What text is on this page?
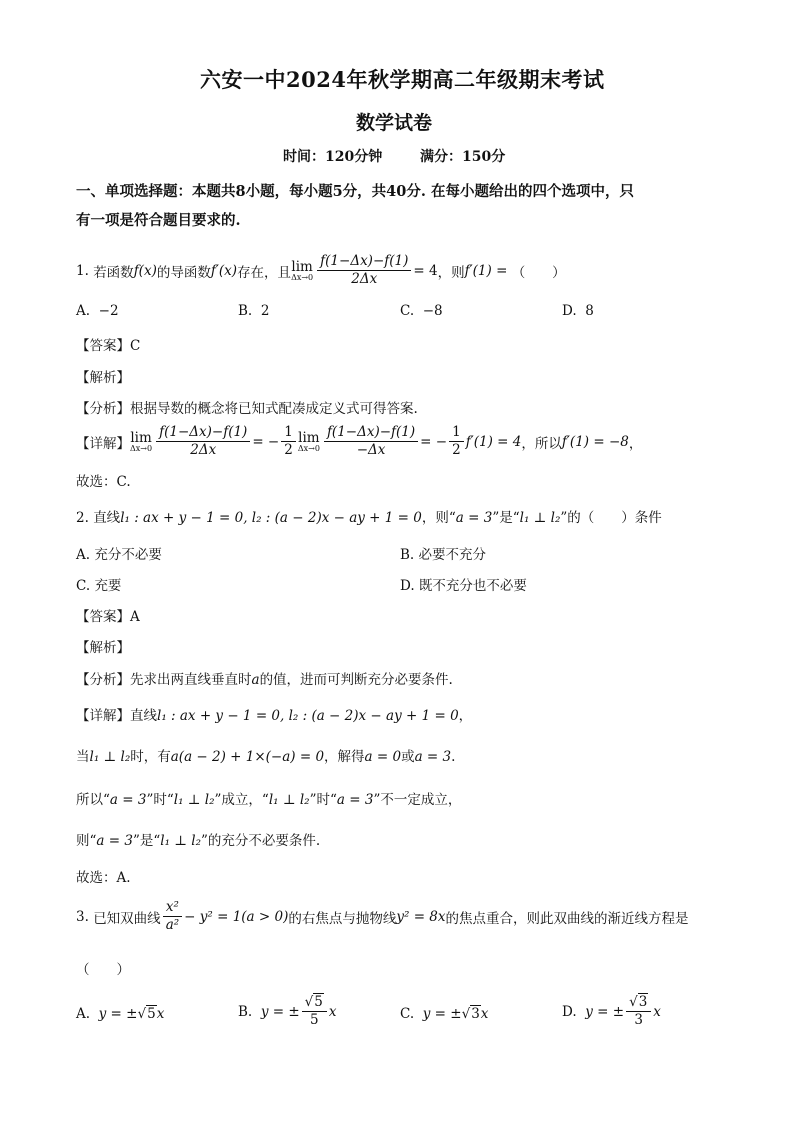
六安一中2024年秋学期高二年级期末考试
数学试卷
时间：120分钟	满分：150分
一、单项选择题：本题共8小题，每小题5分，共40分. 在每小题给出的四个选项中，只
有一项是符合题目要求的.
1.
若函数 f(x) 的导函数 f′(x) 存在，且 lim
$\Delta x\to 0 \frac{f(1-\Delta x)-f(1)}{2\Delta x} = 4$ ，则 f′(1) =
（　　）
A. −2	B. 2	C. −8	D. 8
【答案】C
【解析】
【分析】根据导数的概念将已知式配凑成定义式可得答案.
【详解】 lim
$\Delta x\to 0 \frac{f(1-\Delta x)-f(1)}{2\Delta x}$ = − $\frac{1}{2}$ lim
$\Delta x\to 0 \frac{f(1-\Delta x)-f(1)}{-\Delta x}$ = − $\frac{1}{2} f'(1) = 4$ ，所以 f′(1) = −8 ，
故选：C.
2. 直线l₁ : ax + y − 1 = 0, l₂ : (a − 2)x − ay + 1 = 0，则“a = 3”是“l₁ ⊥ l₂”的（　　）条件
A. 充分不必要	B. 必要不充分
C. 充要	D. 既不充分也不必要
【答案】A
【解析】
【分析】先求出两直线垂直时a的值，进而可判断充分必要条件.
【详解】直线l₁ : ax + y − 1 = 0, l₂ : (a − 2)x − ay + 1 = 0，
当l₁ ⊥ l₂时，有a(a − 2) + 1×(−a) = 0，解得a = 0或a = 3.
所以“a = 3”时“l₁ ⊥ l₂”成立，“l₁ ⊥ l₂”时“a = 3”不一定成立，
则“a = 3”是“l₁ ⊥ l₂”的充分不必要条件.
故选：A.
3.
已知双曲线 $\frac{\text{x²}}{\text{a²}} - y^2 = 1(a > 0)$ 的右焦点与抛物线 y² = 8x 的焦点重合，则此双曲线的渐近线方程是
（　　）
A.
y = ± √ 5 x	B.
y = ± $\frac{√5}{5}$ x	C.
y = ± √ 3 x	D.
y = ± $\frac{√3}{3}$ x
